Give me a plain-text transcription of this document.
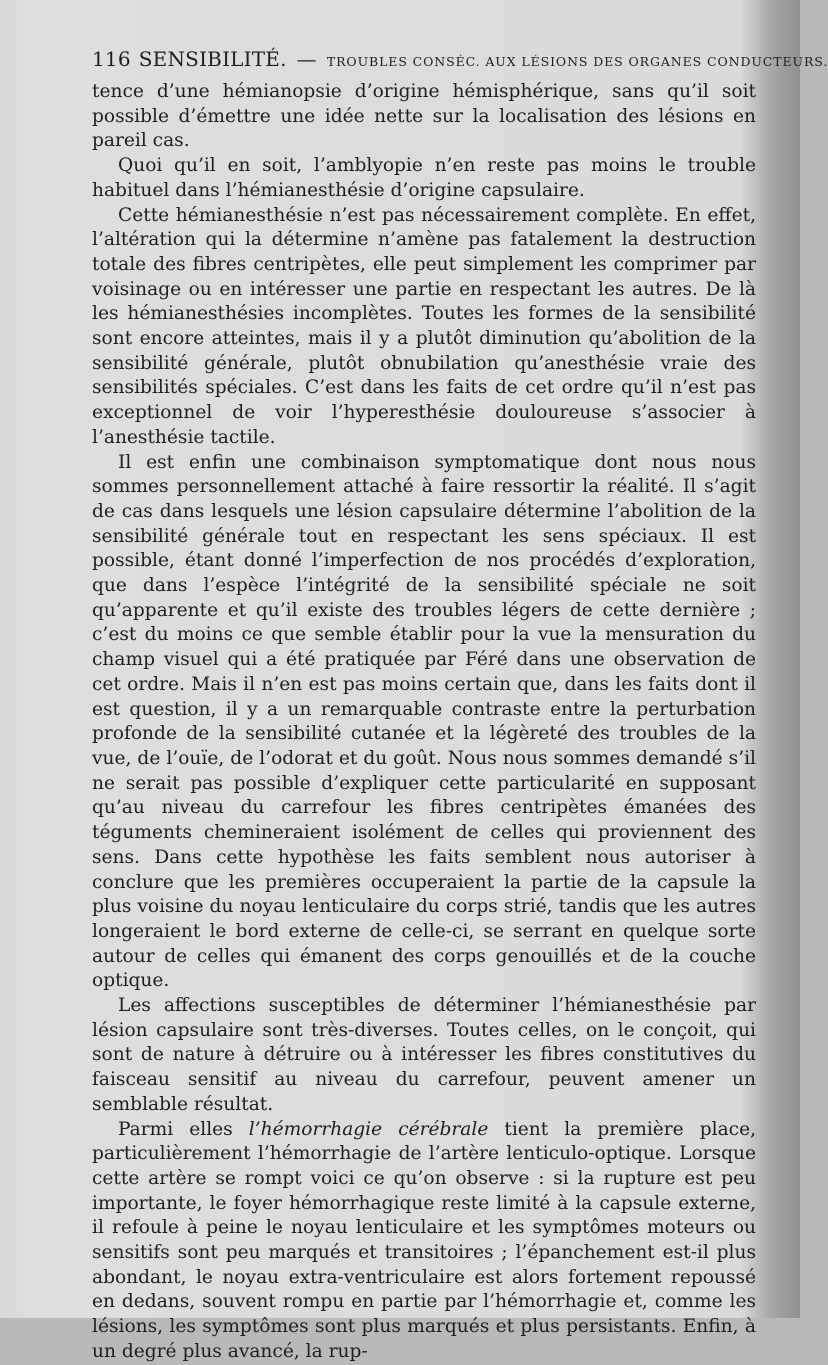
116 SENSIBILITÉ. — TROUBLES CONSÉC. AUX LÉSIONS DES ORGANES CONDUCTEURS.

tence d’une hémianopsie d’origine hémisphérique, sans qu’il soit possible d’émettre une idée nette sur la localisation des lésions en pareil cas.

Quoi qu’il en soit, l’amblyopie n’en reste pas moins le trouble habituel dans l’hémianesthésie d’origine capsulaire.

Cette hémianesthésie n’est pas nécessairement complète. En effet, l’altération qui la détermine n’amène pas fatalement la destruction totale des fibres centripètes, elle peut simplement les comprimer par voisinage ou en intéresser une partie en respectant les autres. De là les hémianesthésies incomplètes. Toutes les formes de la sensibilité sont encore atteintes, mais il y a plutôt diminution qu’abolition de la sensibilité générale, plutôt obnubilation qu’anesthésie vraie des sensibilités spéciales. C’est dans les faits de cet ordre qu’il n’est pas exceptionnel de voir l’hyperesthésie douloureuse s’associer à l’anesthésie tactile.

Il est enfin une combinaison symptomatique dont nous nous sommes personnellement attaché à faire ressortir la réalité. Il s’agit de cas dans lesquels une lésion capsulaire détermine l’abolition de la sensibilité générale tout en respectant les sens spéciaux. Il est possible, étant donné l’imperfection de nos procédés d’exploration, que dans l’espèce l’intégrité de la sensibilité spéciale ne soit qu’apparente et qu’il existe des troubles légers de cette dernière ; c’est du moins ce que semble établir pour la vue la mensuration du champ visuel qui a été pratiquée par Féré dans une observation de cet ordre. Mais il n’en est pas moins certain que, dans les faits dont il est question, il y a un remarquable contraste entre la perturbation profonde de la sensibilité cutanée et la légèreté des troubles de la vue, de l’ouïe, de l’odorat et du goût. Nous nous sommes demandé s’il ne serait pas possible d’expliquer cette particularité en supposant qu’au niveau du carrefour les fibres centripètes émanées des téguments chemineraient isolément de celles qui proviennent des sens. Dans cette hypothèse les faits semblent nous autoriser à conclure que les premières occuperaient la partie de la capsule la plus voisine du noyau lenticulaire du corps strié, tandis que les autres longeraient le bord externe de celle-ci, se serrant en quelque sorte autour de celles qui émanent des corps genouillés et de la couche optique.

Les affections susceptibles de déterminer l’hémianesthésie par lésion capsulaire sont très-diverses. Toutes celles, on le conçoit, qui sont de nature à détruire ou à intéresser les fibres constitutives du faisceau sensitif au niveau du carrefour, peuvent amener un semblable résultat.

Parmi elles l’hémorrhagie cérébrale tient la première place, particulièrement l’hémorrhagie de l’artère lenticulo-optique. Lorsque cette artère se rompt voici ce qu’on observe : si la rupture est peu importante, le foyer hémorrhagique reste limité à la capsule externe, il refoule à peine le noyau lenticulaire et les symptômes moteurs ou sensitifs sont peu marqués et transitoires ; l’épanchement est-il plus abondant, le noyau extra-ventriculaire est alors fortement repoussé en dedans, souvent rompu en partie par l’hémorrhagie et, comme les lésions, les symptômes sont plus marqués et plus persistants. Enfin, à un degré plus avancé, la rup-
